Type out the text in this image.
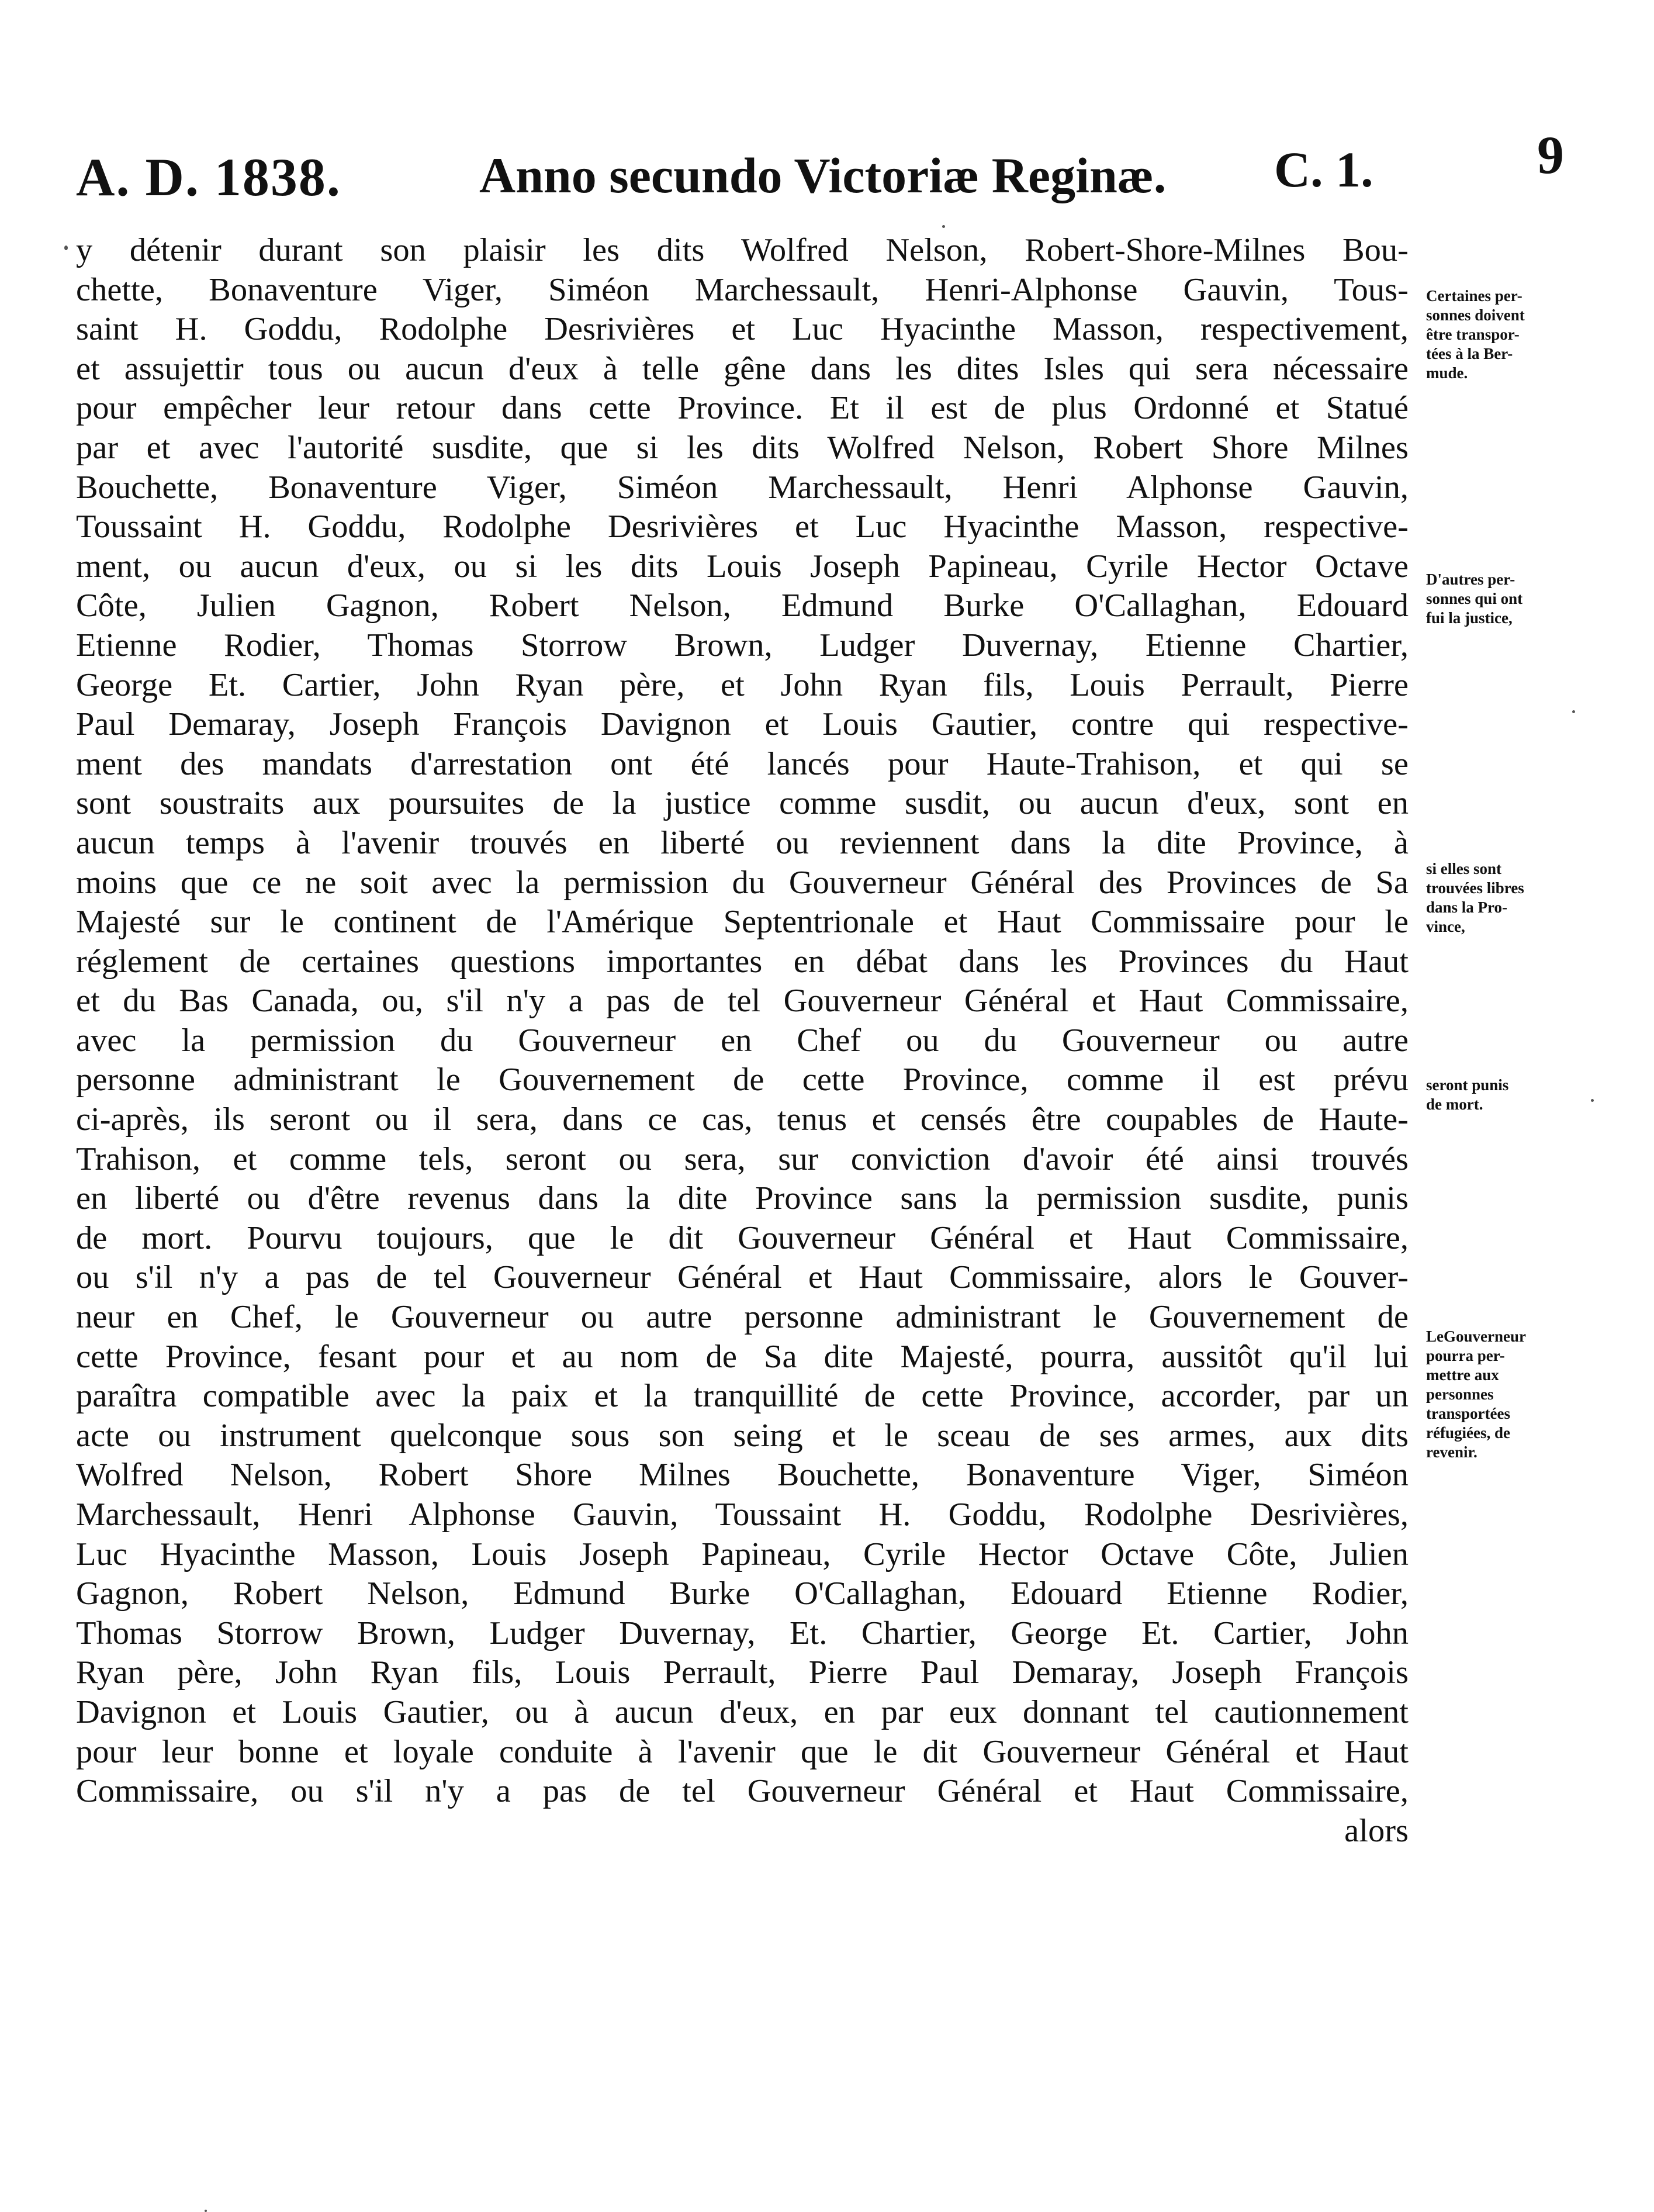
A. D. 1838.	Anno secundo Victoriæ Reginæ. C. 1.	9
y détenir durant son plaisir les dits Wolfred Nelson, Robert-Shore-Milnes Bou-
chette, Bonaventure Viger, Siméon Marchessault, Henri-Alphonse Gauvin, Tous-
saint H. Goddu, Rodolphe Desrivières et Luc Hyacinthe Masson, respectivement,
et assujettir tous ou aucun d'eux à telle gêne dans les dites Isles qui sera nécessaire
pour empêcher leur retour dans cette Province. Et il est de plus Ordonné et Statué
par et avec l'autorité susdite, que si les dits Wolfred Nelson, Robert Shore Milnes
Bouchette, Bonaventure Viger, Siméon Marchessault, Henri Alphonse Gauvin,
Toussaint H. Goddu, Rodolphe Desrivières et Luc Hyacinthe Masson, respective-
ment, ou aucun d'eux, ou si les dits Louis Joseph Papineau, Cyrile Hector Octave
Côte, Julien Gagnon, Robert Nelson, Edmund Burke O'Callaghan, Edouard
Etienne Rodier, Thomas Storrow Brown, Ludger Duvernay, Etienne Chartier,
George Et. Cartier, John Ryan père, et John Ryan fils, Louis Perrault, Pierre
Paul Demaray, Joseph François Davignon et Louis Gautier, contre qui respective-
ment des mandats d'arrestation ont été lancés pour Haute-Trahison, et qui se
sont soustraits aux poursuites de la justice comme susdit, ou aucun d'eux, sont en
aucun temps à l'avenir trouvés en liberté ou reviennent dans la dite Province, à
moins que ce ne soit avec la permission du Gouverneur Général des Provinces de Sa
Majesté sur le continent de l'Amérique Septentrionale et Haut Commissaire pour le
réglement de certaines questions importantes en débat dans les Provinces du Haut
et du Bas Canada, ou, s'il n'y a pas de tel Gouverneur Général et Haut Commissaire,
avec la permission du Gouverneur en Chef ou du Gouverneur ou autre
personne administrant le Gouvernement de cette Province, comme il est prévu
ci-après, ils seront ou il sera, dans ce cas, tenus et censés être coupables de Haute-
Trahison, et comme tels, seront ou sera, sur conviction d'avoir été ainsi trouvés
en liberté ou d'être revenus dans la dite Province sans la permission susdite, punis
de mort. Pourvu toujours, que le dit Gouverneur Général et Haut Commissaire,
ou s'il n'y a pas de tel Gouverneur Général et Haut Commissaire, alors le Gouver-
neur en Chef, le Gouverneur ou autre personne administrant le Gouvernement de
cette Province, fesant pour et au nom de Sa dite Majesté, pourra, aussitôt qu'il lui
paraîtra compatible avec la paix et la tranquillité de cette Province, accorder, par un
acte ou instrument quelconque sous son seing et le sceau de ses armes, aux dits
Wolfred Nelson, Robert Shore Milnes Bouchette, Bonaventure Viger, Siméon
Marchessault, Henri Alphonse Gauvin, Toussaint H. Goddu, Rodolphe Desrivières,
Luc Hyacinthe Masson, Louis Joseph Papineau, Cyrile Hector Octave Côte, Julien
Gagnon, Robert Nelson, Edmund Burke O'Callaghan, Edouard Etienne Rodier,
Thomas Storrow Brown, Ludger Duvernay, Et. Chartier, George Et. Cartier, John
Ryan père, John Ryan fils, Louis Perrault, Pierre Paul Demaray, Joseph François
Davignon et Louis Gautier, ou à aucun d'eux, en par eux donnant tel cautionnement
pour leur bonne et loyale conduite à l'avenir que le dit Gouverneur Général et Haut
Commissaire, ou s'il n'y a pas de tel Gouverneur Général et Haut Commissaire,
alors
Certaines per-
sonnes doivent
être transpor-
tées à la Ber-
mude.
D'autres per-
sonnes qui ont
fui la justice,
si elles sont
trouvées libres
dans la Pro-
vince,
seront punis
de mort.
LeGouverneur
pourra per-
mettre aux
personnes
transportées
réfugiées, de
revenir.
